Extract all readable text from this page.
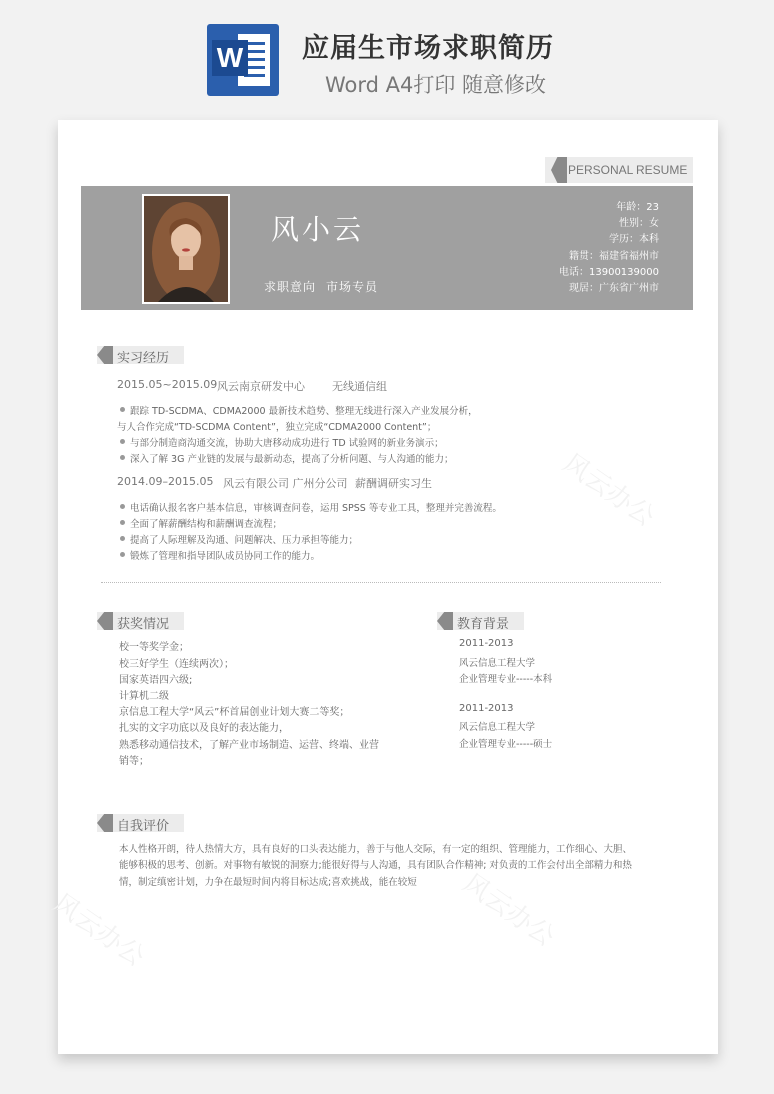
W 应届生市场求职简历
Word A4打印 随意修改
风云办公
风云办公
风云办公
PERSONAL RESUME
风小云
求职意向 市场专员
年龄：23
性别：女
学历：本科
籍贯：福建省福州市
电话：13900139000
现居：广东省广州市
实习经历
2015.05~2015.09 风云南京研发中心 无线通信组
跟踪 TD-SCDMA、CDMA2000 最新技术趋势、整理无线进行深入产业发展分析，
与人合作完成“TD-SCDMA Content”，独立完成“CDMA2000 Content”；
与部分制造商沟通交流，协助大唐移动成功进行 TD 试验网的新业务演示；
深入了解 3G 产业链的发展与最新动态，提高了分析问题、与人沟通的能力；
2014.09–2015.05 风云有限公司 广州分公司 薪酬调研实习生
电话确认报名客户基本信息，审核调查问卷，运用 SPSS 等专业工具，整理并完善流程。
全面了解薪酬结构和薪酬调查流程；
提高了人际理解及沟通、问题解决、压力承担等能力；
锻炼了管理和指导团队成员协同工作的能力。
获奖情况
校一等奖学金；
校三好学生（连续两次）；
国家英语四六级;
计算机二级
京信息工程大学“风云”杯首届创业计划大赛二等奖；
扎实的文字功底以及良好的表达能力，
熟悉移动通信技术，了解产业市场制造、运营、终端、业营
销等；
教育背景
2011-2013
风云信息工程大学
企业管理专业-----本科
2011-2013
风云信息工程大学
企业管理专业-----硕士
自我评价
本人性格开朗，待人热情大方，具有良好的口头表达能力，善于与他人交际，有一定的组织、管理能力，工作细心、大胆、
能够积极的思考、创新。对事物有敏锐的洞察力;能很好得与人沟通，具有团队合作精神; 对负责的工作会付出全部精力和热
情，制定缜密计划，力争在最短时间内将目标达成;喜欢挑战，能在较短
